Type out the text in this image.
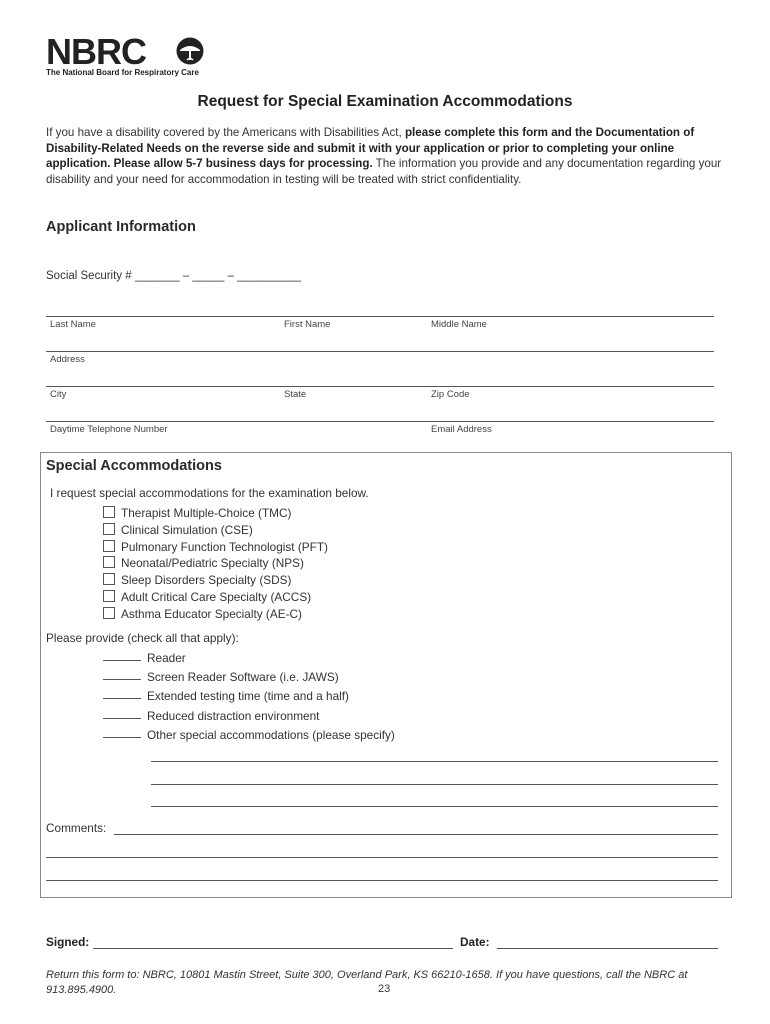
NBRC
The National Board for Respiratory Care
Request for Special Examination Accommodations
If you have a disability covered by the Americans with Disabilities Act, please complete this form and the Documentation of Disability-Related Needs on the reverse side and submit it with your application or prior to completing your online application. Please allow 5-7 business days for processing. The information you provide and any documentation regarding your disability and your need for accommodation in testing will be treated with strict confidentiality.
Applicant Information
Social Security # _______ – _____ – __________
Last Name	First Name	Middle Name
Address
City	State	Zip Code
Daytime Telephone Number	Email Address
Special Accommodations
I request special accommodations for the examination below.
Therapist Multiple-Choice (TMC)
Clinical Simulation (CSE)
Pulmonary Function Technologist (PFT)
Neonatal/Pediatric Specialty (NPS)
Sleep Disorders Specialty (SDS)
Adult Critical Care Specialty (ACCS)
Asthma Educator Specialty (AE-C)
Please provide (check all that apply):
Reader
Screen Reader Software (i.e. JAWS)
Extended testing time (time and a half)
Reduced distraction environment
Other special accommodations (please specify)
Comments:
Signed:	Date:
Return this form to: NBRC, 10801 Mastin Street, Suite 300, Overland Park, KS 66210-1658. If you have questions, call the NBRC at 913.895.4900.	23
